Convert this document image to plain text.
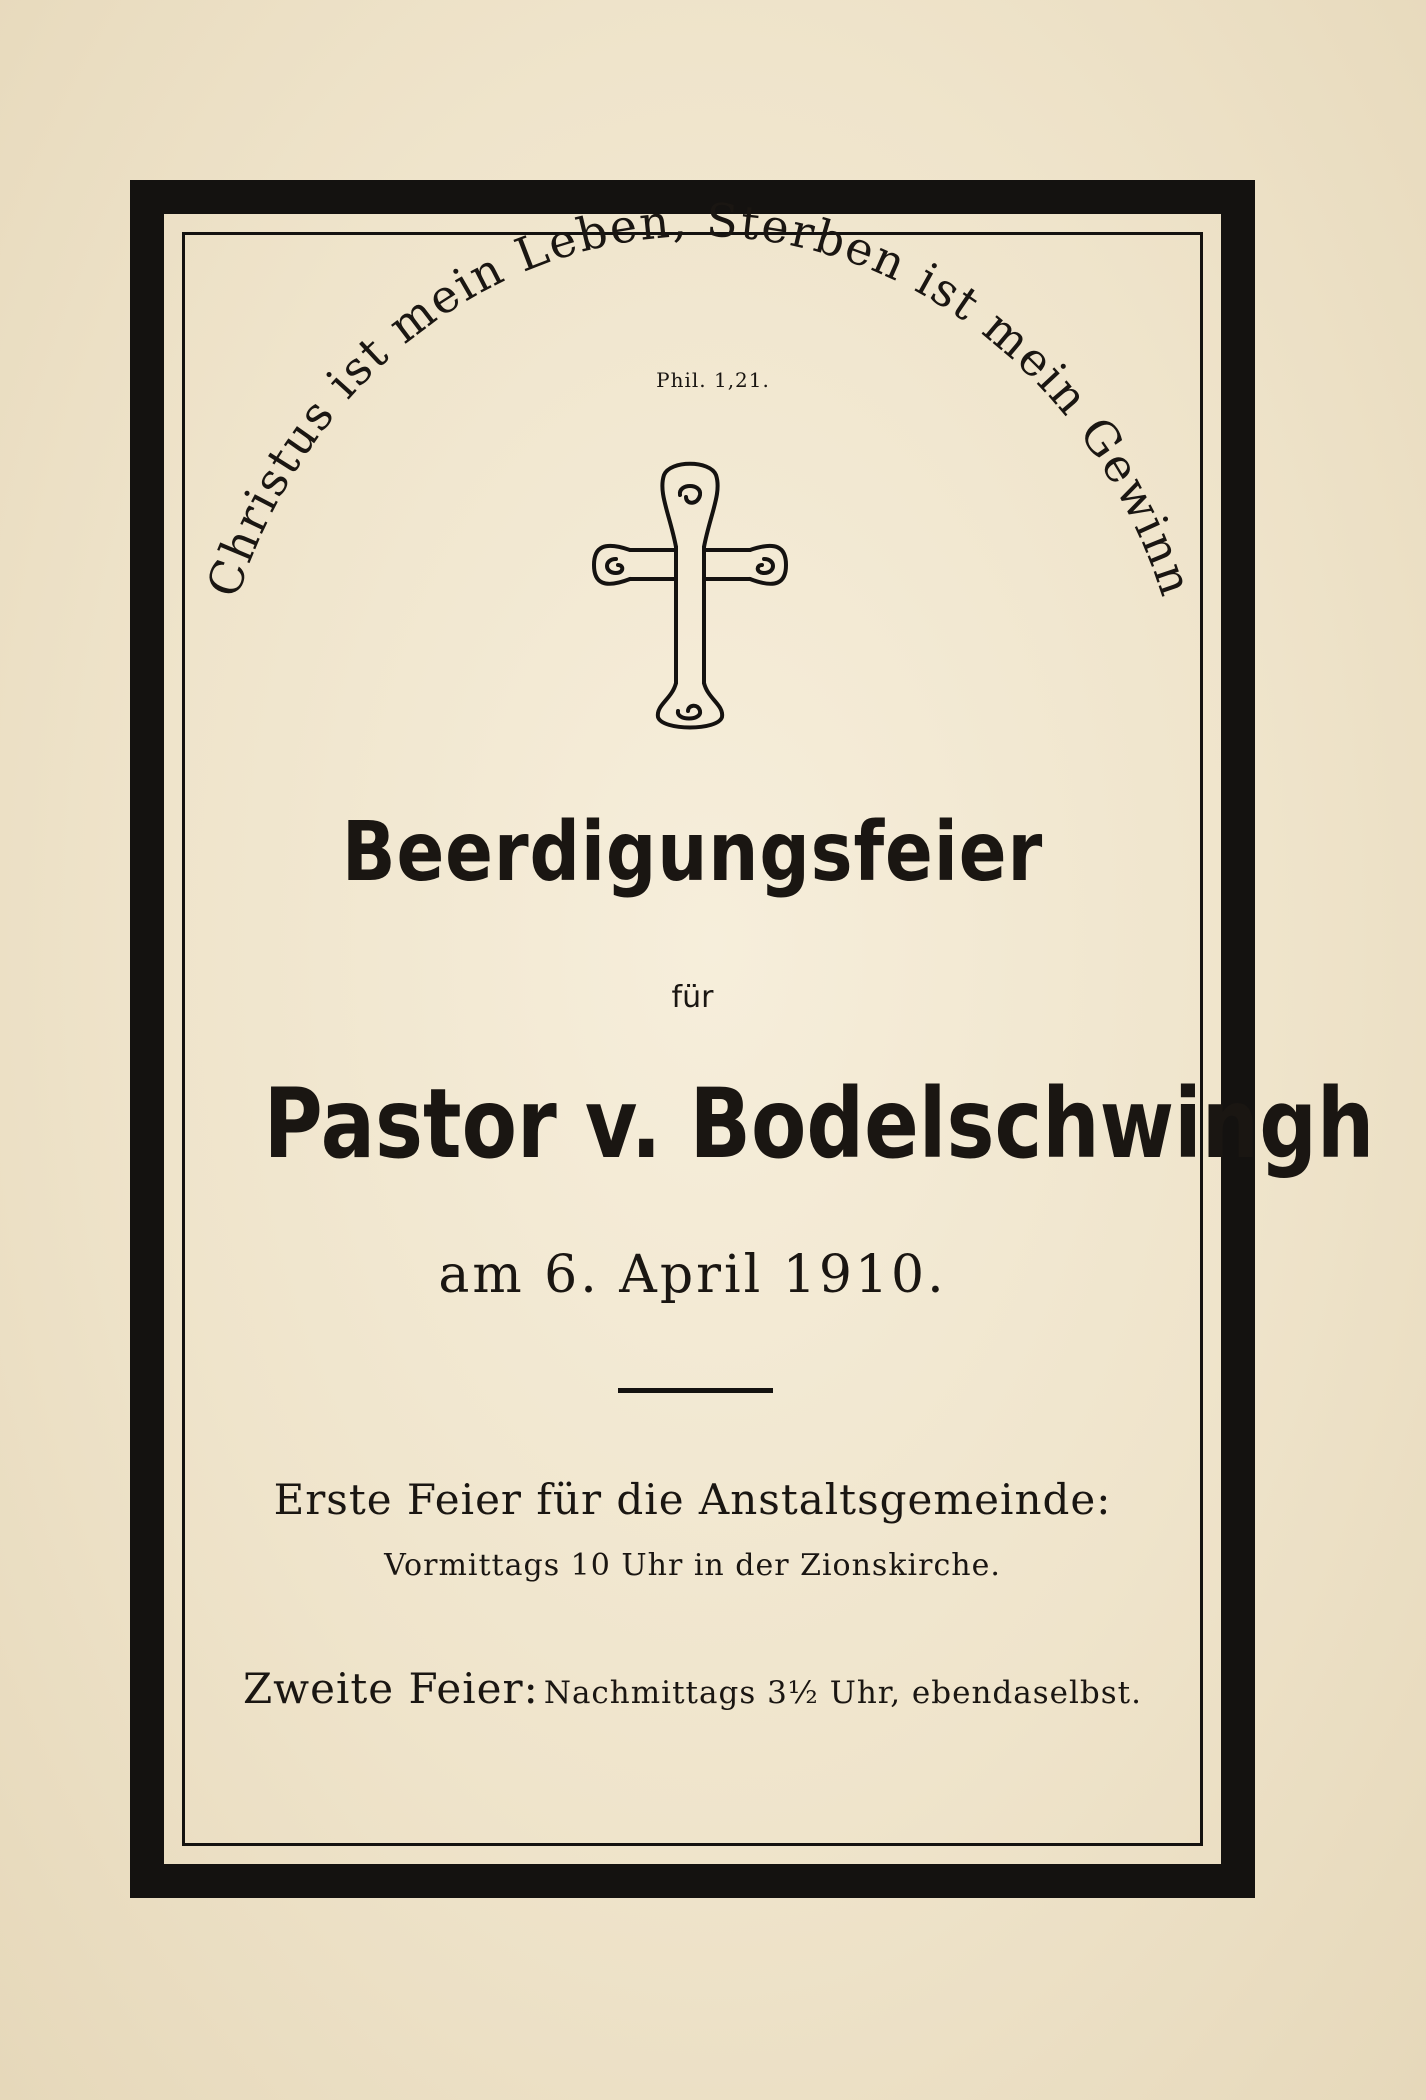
Christus ist mein Leben, Sterben ist mein Gewinn
Phil. 1,21.
Beerdigungsfeier
für
Pastor v. Bodelschwingh
am 6. April 1910.
Erste Feier für die Anstaltsgemeinde:
Vormittags 10 Uhr in der Zionskirche.
Zweite Feier: Nachmittags 3½ Uhr, ebendaselbst.
